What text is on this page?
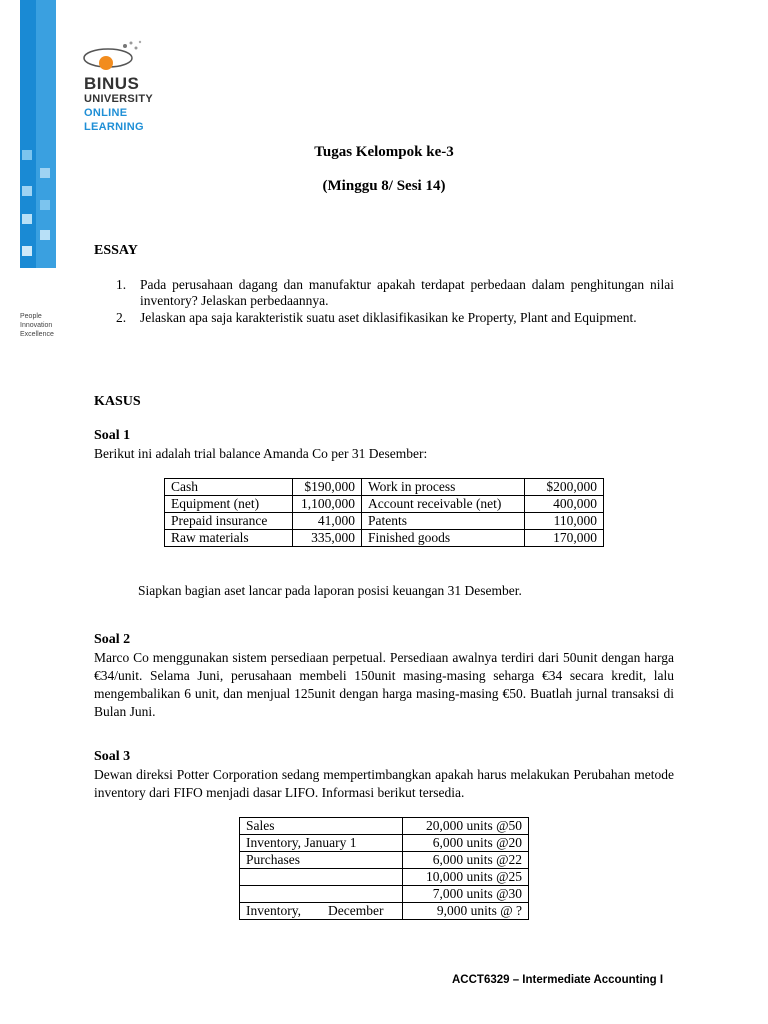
People
Innovation
Excellence
BINUS
UNIVERSITY
ONLINE
LEARNING
Tugas Kelompok ke-3
(Minggu 8/ Sesi 14)
ESSAY
1. Pada perusahaan dagang dan manufaktur apakah terdapat perbedaan dalam penghitungan nilai inventory? Jelaskan perbedaannya.
2. Jelaskan apa saja karakteristik suatu aset diklasifikasikan ke Property, Plant and Equipment.
KASUS
Soal 1
Berikut ini adalah trial balance Amanda Co per 31 Desember:
Cash	$190,000	Work in process	$200,000
Equipment (net)	1,100,000	Account receivable (net)	400,000
Prepaid insurance	41,000	Patents	110,000
Raw materials	335,000	Finished goods	170,000
Siapkan bagian aset lancar pada laporan posisi keuangan 31 Desember.
Soal 2
Marco Co menggunakan sistem persediaan perpetual. Persediaan awalnya terdiri dari 50unit dengan harga €34/unit. Selama Juni, perusahaan membeli 150unit masing-masing seharga €34 secara kredit, lalu mengembalikan 6 unit, dan menjual 125unit dengan harga masing-masing €50. Buatlah jurnal transaksi di Bulan Juni.
Soal 3
Dewan direksi Potter Corporation sedang mempertimbangkan apakah harus melakukan Perubahan metode inventory dari FIFO menjadi dasar LIFO. Informasi berikut tersedia.
Sales	20,000 units @50
Inventory, January 1	6,000 units @20
Purchases	6,000 units @22
	10,000 units @25
	7,000 units @30
Inventory,        December	9,000 units @ ?
ACCT6329 – Intermediate Accounting I
